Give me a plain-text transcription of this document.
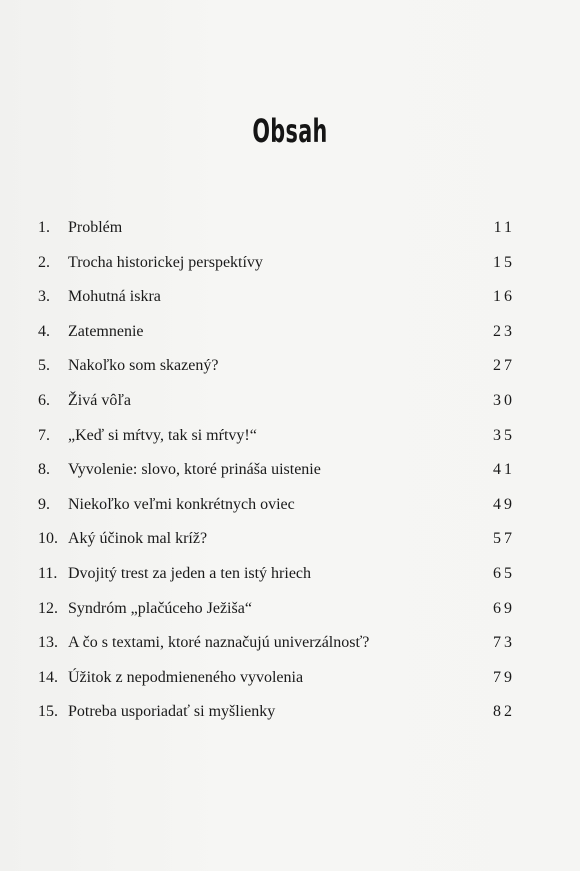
Obsah
1.	Problém	11
2.	Trocha historickej perspektívy	15
3.	Mohutná iskra	16
4.	Zatemnenie	23
5.	Nakoľko som skazený?	27
6.	Živá vôľa	30
7.	„Keď si mŕtvy, tak si mŕtvy!“	35
8.	Vyvolenie: slovo, ktoré prináša uistenie	41
9.	Niekoľko veľmi konkrétnych oviec	49
10. Aký účinok mal kríž?	57
11. Dvojitý trest za jeden a ten istý hriech	65
12. Syndróm „plačúceho Ježiša“	69
13. A čo s textami, ktoré naznačujú univerzálnosť?	73
14. Úžitok z nepodmieneného vyvolenia	79
15. Potreba usporiadať si myšlienky	82
